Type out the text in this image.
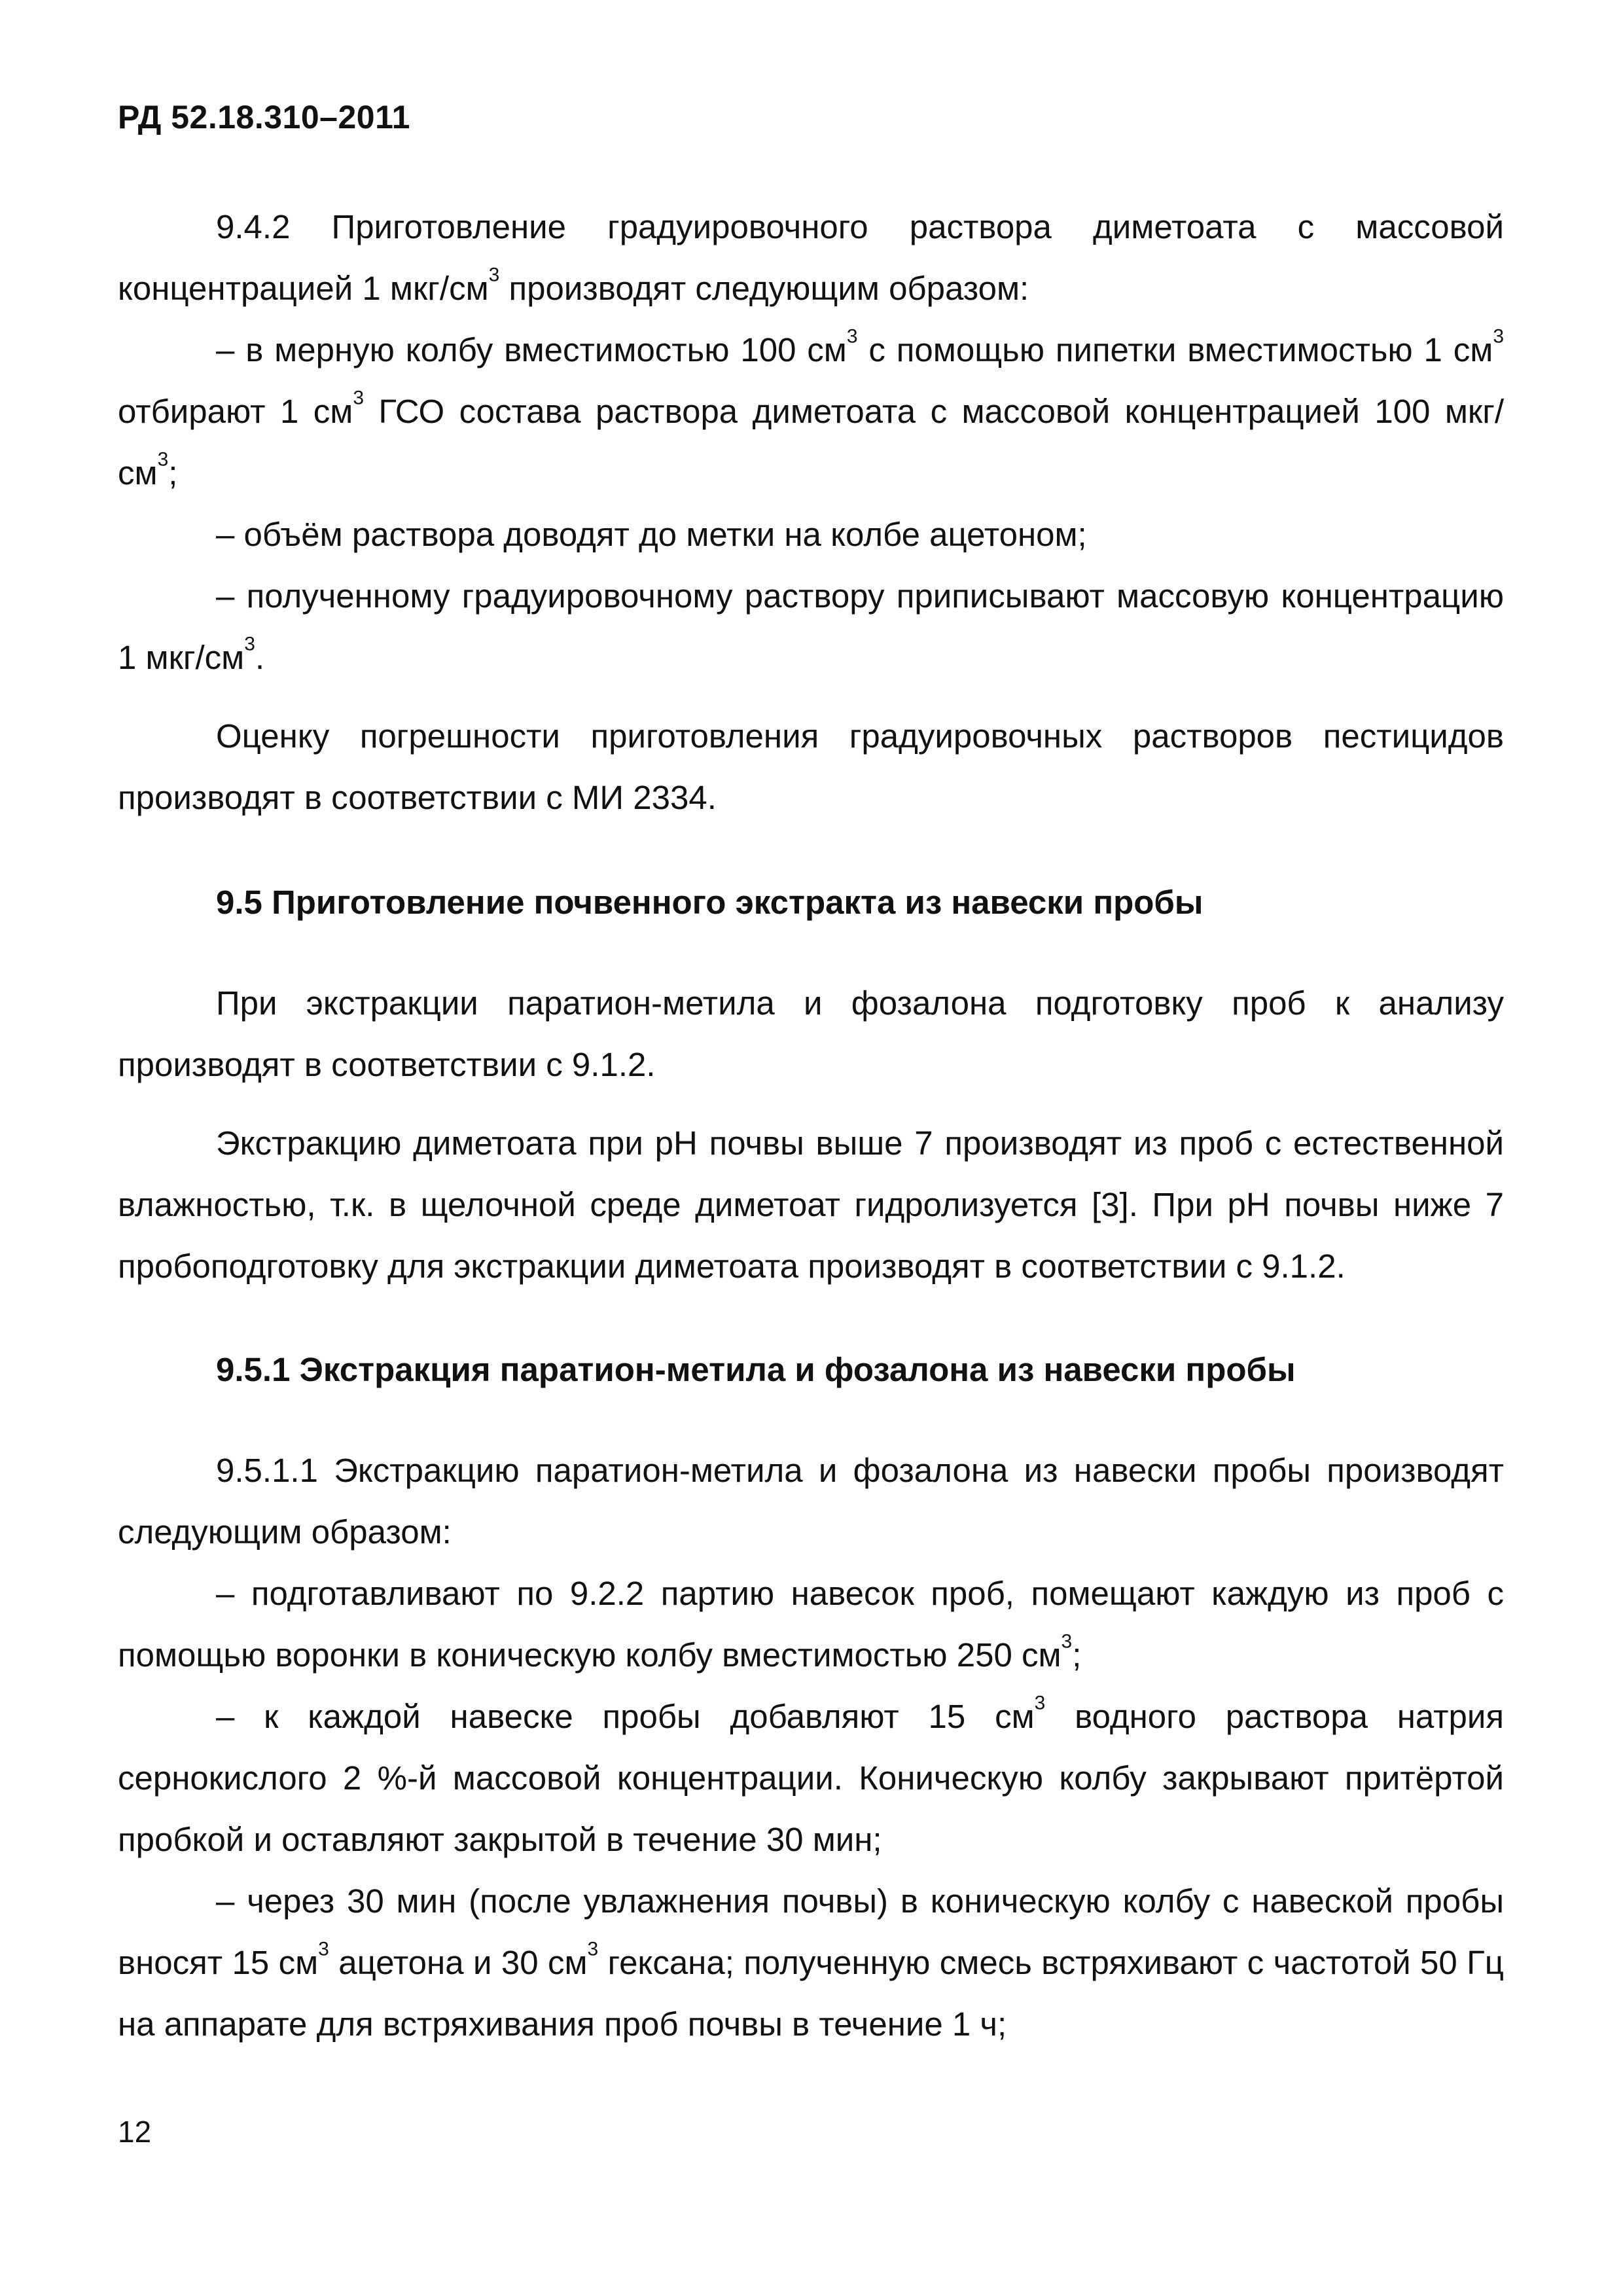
РД 52.18.310–2011

9.4.2 Приготовление градуировочного раствора диметоата с массовой концентрацией 1 мкг/$см^3$ производят следующим образом:

– в мерную колбу вместимостью 100 $см^3$ с помощью пипетки вместимостью 1 $см^3$ отбирают 1 $см^3$ ГСО состава раствора диметоата с массовой концентрацией 100 мкг/$см^3$;

– объём раствора доводят до метки на колбе ацетоном;

– полученному градуировочному раствору приписывают массовую концентрацию 1 мкг/$см^3$.

Оценку погрешности приготовления градуировочных растворов пестицидов производят в соответствии с МИ 2334.

9.5 Приготовление почвенного экстракта из навески пробы

При экстракции паратион-метила и фозалона подготовку проб к анализу производят в соответствии с 9.1.2.

Экстракцию диметоата при pH почвы выше 7 производят из проб с естественной влажностью, т.к. в щелочной среде диметоат гидролизуется [3]. При pH почвы ниже 7 пробоподготовку для экстракции диметоата производят в соответствии с 9.1.2.

9.5.1 Экстракция паратион-метила и фозалона из навески пробы

9.5.1.1 Экстракцию паратион-метила и фозалона из навески пробы производят следующим образом:

– подготавливают по 9.2.2 партию навесок проб, помещают каждую из проб с помощью воронки в коническую колбу вместимостью 250 $см^3$;

– к каждой навеске пробы добавляют 15 $см^3$ водного раствора натрия сернокислого 2 %-й массовой концентрации. Коническую колбу закрывают притёртой пробкой и оставляют закрытой в течение 30 мин;

– через 30 мин (после увлажнения почвы) в коническую колбу с навеской пробы вносят 15 $см^3$ ацетона и 30 $см^3$ гексана; полученную смесь встряхивают с частотой 50 Гц на аппарате для встряхивания проб почвы в течение 1 ч;

12
